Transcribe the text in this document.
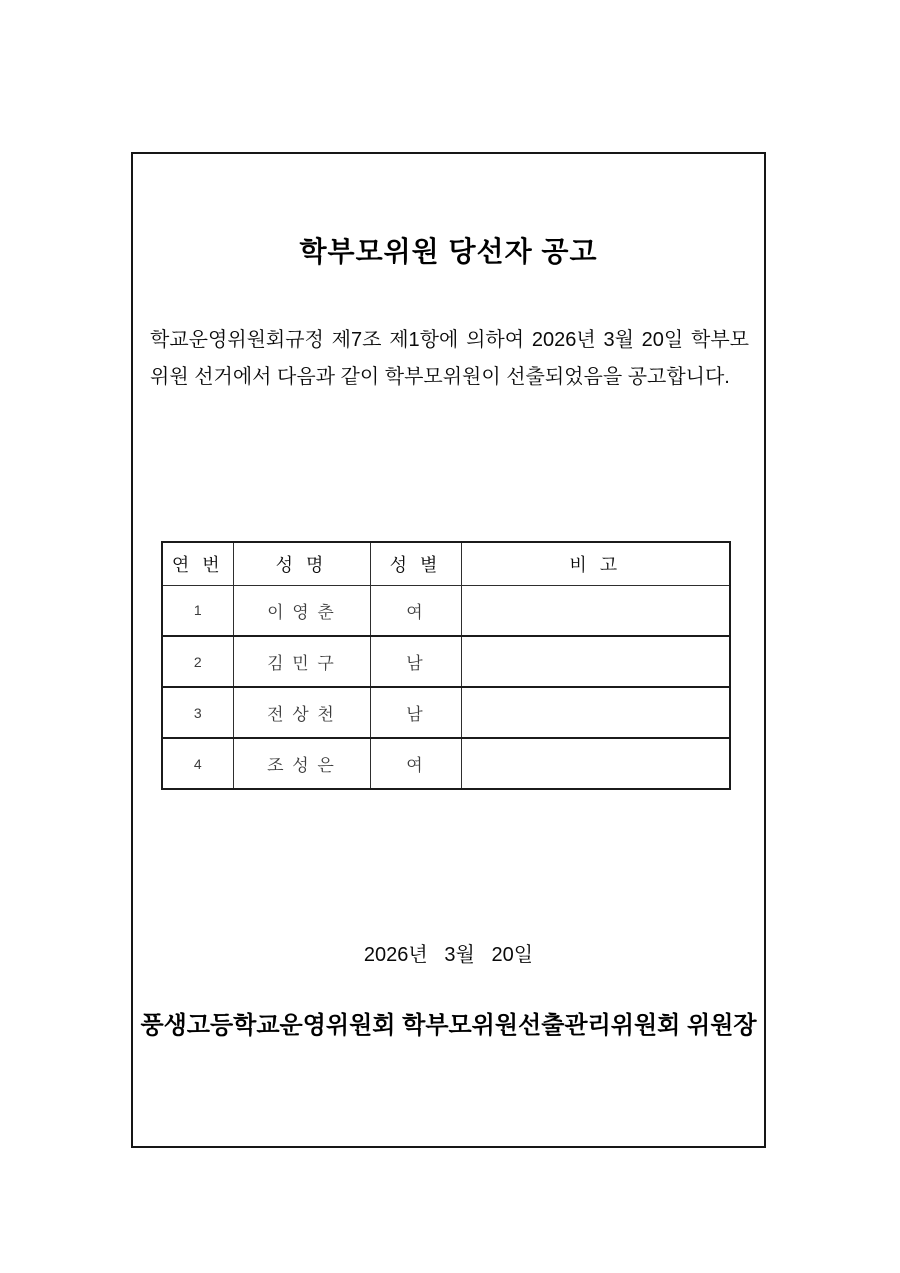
학부모위원 당선자 공고
학교운영위원회규정 제7조 제1항에 의하여 2026년 3월 20일 학부모
위원 선거에서 다음과 같이 학부모위원이 선출되었음을 공고합니다.
연 번	성 명	성 별	비 고
1	이 영 춘	여	
2	김 민 구	남	
3	전 상 천	남	
4	조 성 은	여	
2026년   3월   20일
풍생고등학교운영위원회 학부모위원선출관리위원회 위원장
